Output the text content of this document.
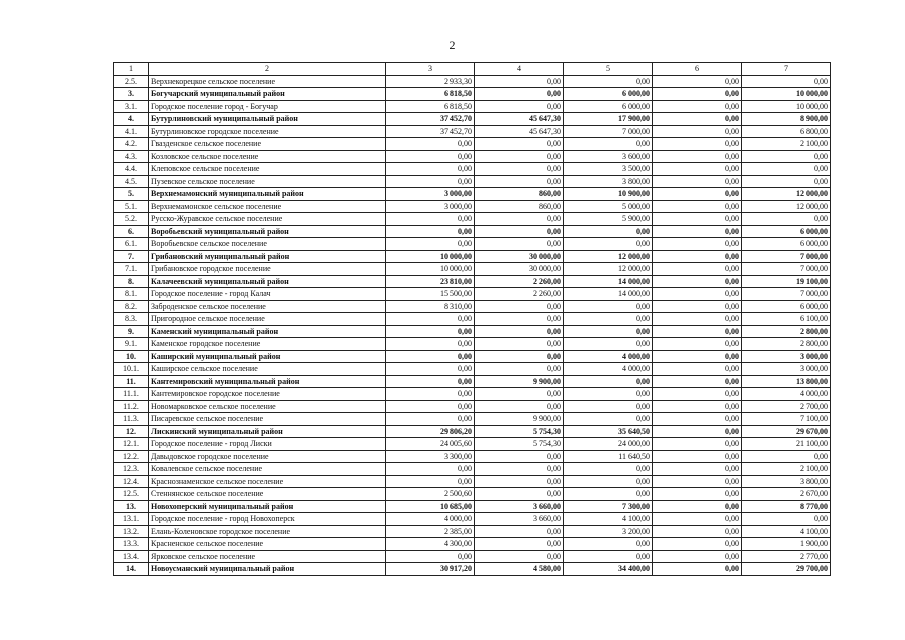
2
1	2	3	4	5	6	7
2.5.	Верхнекорецкое сельское поселение	2 933,30	0,00	0,00	0,00	0,00
3.	Богучарский муниципальный район	6 818,50	0,00	6 000,00	0,00	10 000,00
3.1.	Городское поселение город - Богучар	6 818,50	0,00	6 000,00	0,00	10 000,00
4.	Бутурлиновский муниципальный район	37 452,70	45 647,30	17 900,00	0,00	8 900,00
4.1.	Бутурлиновское городское поселение	37 452,70	45 647,30	7 000,00	0,00	6 800,00
4.2.	Гвазденское сельское поселение	0,00	0,00	0,00	0,00	2 100,00
4.3.	Козловское сельское поселение	0,00	0,00	3 600,00	0,00	0,00
4.4.	Клеповское сельское поселение	0,00	0,00	3 500,00	0,00	0,00
4.5.	Пузевское сельское поселение	0,00	0,00	3 800,00	0,00	0,00
5.	Верхнемамонский муниципальный район	3 000,00	860,00	10 900,00	0,00	12 000,00
5.1.	Верхнемамонское сельское поселение	3 000,00	860,00	5 000,00	0,00	12 000,00
5.2.	Русско-Журавское сельское поселение	0,00	0,00	5 900,00	0,00	0,00
6.	Воробьевский муниципальный район	0,00	0,00	0,00	0,00	6 000,00
6.1.	Воробьевское сельское поселение	0,00	0,00	0,00	0,00	6 000,00
7.	Грибановский муниципальный район	10 000,00	30 000,00	12 000,00	0,00	7 000,00
7.1.	Грибановское городское поселение	10 000,00	30 000,00	12 000,00	0,00	7 000,00
8.	Калачеевский муниципальный район	23 810,00	2 260,00	14 000,00	0,00	19 100,00
8.1.	Городское поселение - город Калач	15 500,00	2 260,00	14 000,00	0,00	7 000,00
8.2.	Заброденское сельское поселение	8 310,00	0,00	0,00	0,00	6 000,00
8.3.	Пригородное сельское поселение	0,00	0,00	0,00	0,00	6 100,00
9.	Каменский муниципальный район	0,00	0,00	0,00	0,00	2 800,00
9.1.	Каменское городское поселение	0,00	0,00	0,00	0,00	2 800,00
10.	Каширский муниципальный район	0,00	0,00	4 000,00	0,00	3 000,00
10.1.	Каширское сельское поселение	0,00	0,00	4 000,00	0,00	3 000,00
11.	Кантемировский муниципальный район	0,00	9 900,00	0,00	0,00	13 800,00
11.1.	Кантемировское городское поселение	0,00	0,00	0,00	0,00	4 000,00
11.2.	Новомарковское сельское поселение	0,00	0,00	0,00	0,00	2 700,00
11.3.	Писаревское сельское поселение	0,00	9 900,00	0,00	0,00	7 100,00
12.	Лискинский муниципальный район	29 806,20	5 754,30	35 640,50	0,00	29 670,00
12.1.	Городское поселение - город Лиски	24 005,60	5 754,30	24 000,00	0,00	21 100,00
12.2.	Давыдовское городское поселение	3 300,00	0,00	11 640,50	0,00	0,00
12.3.	Ковалевское сельское поселение	0,00	0,00	0,00	0,00	2 100,00
12.4.	Краснознаменское сельское поселение	0,00	0,00	0,00	0,00	3 800,00
12.5.	Стеннянское сельское поселение	2 500,60	0,00	0,00	0,00	2 670,00
13.	Новохоперский муниципальный район	10 685,00	3 660,00	7 300,00	0,00	8 770,00
13.1.	Городское поселение - город Новохоперск	4 000,00	3 660,00	4 100,00	0,00	0,00
13.2.	Елань-Коленовское городское поселение	2 385,00	0,00	3 200,00	0,00	4 100,00
13.3.	Красненское сельское поселение	4 300,00	0,00	0,00	0,00	1 900,00
13.4.	Ярковское сельское поселение	0,00	0,00	0,00	0,00	2 770,00
14.	Новоусманский муниципальный район	30 917,20	4 580,00	34 400,00	0,00	29 700,00
